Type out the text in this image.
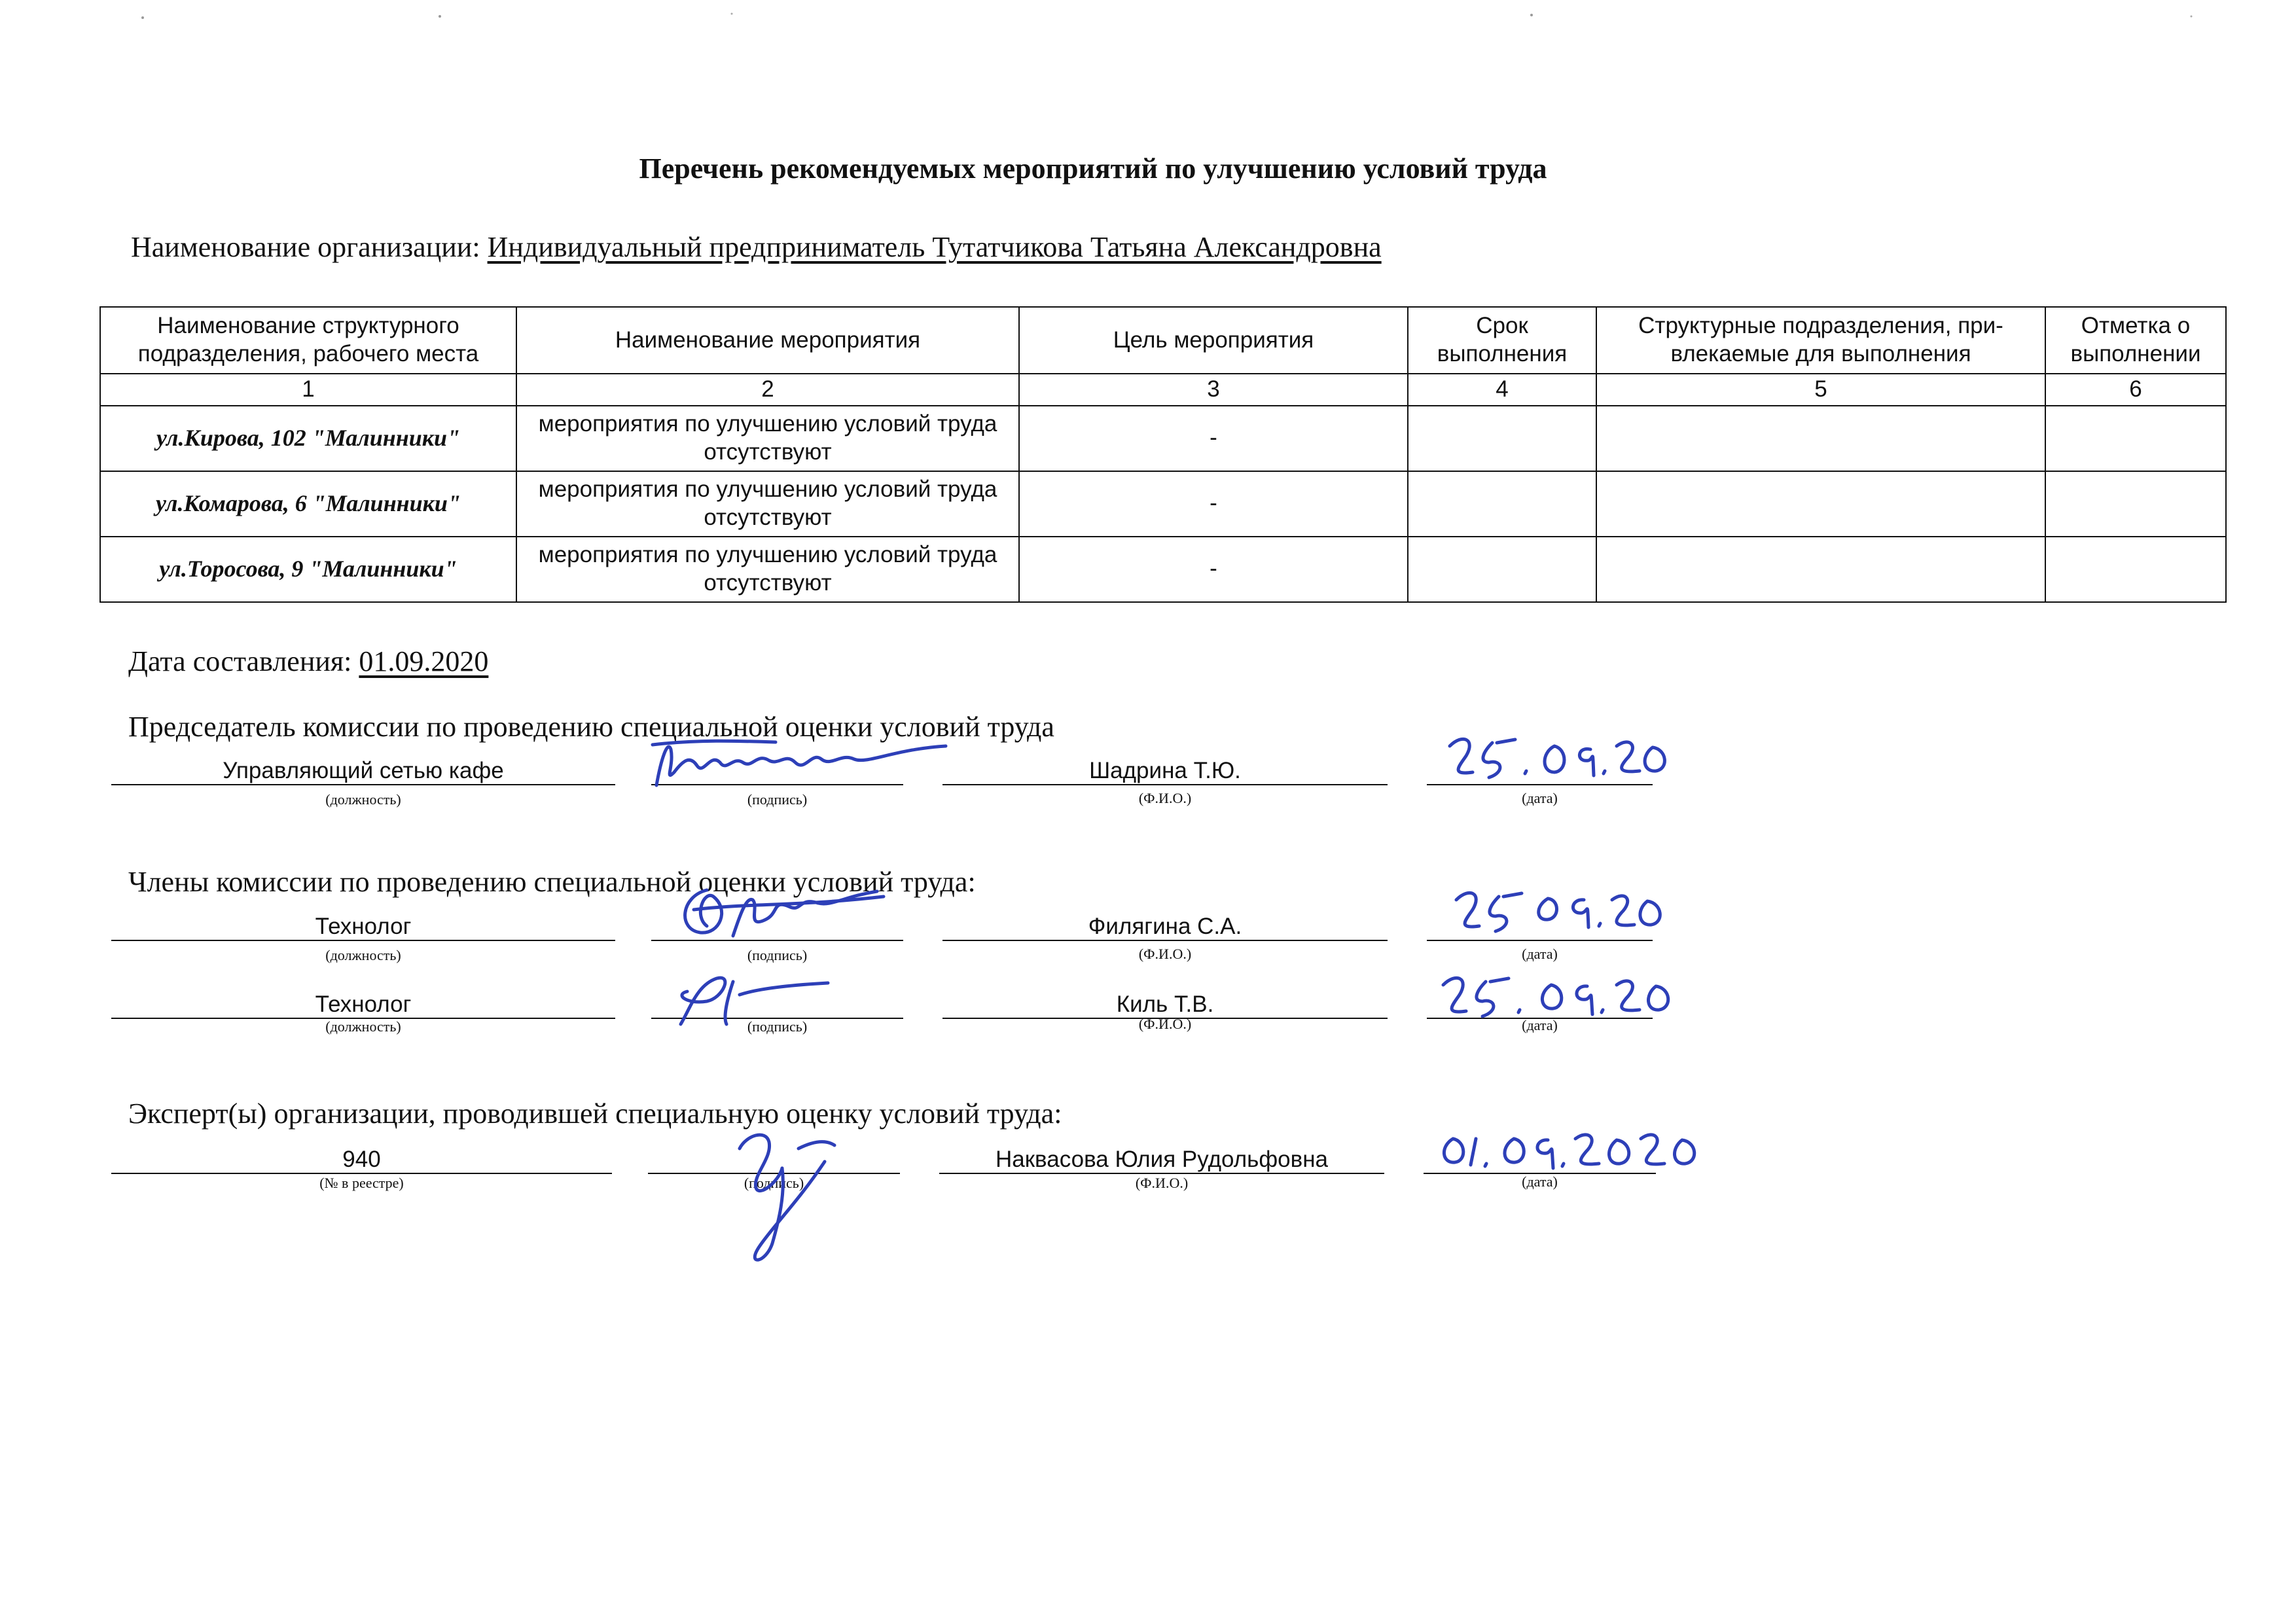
Перечень рекомендуемых мероприятий по улучшению условий труда
Наименование организации: Индивидуальный предприниматель Тутатчикова Татьяна Александровна
Наименование структурного подразделения, рабочего места	Наименование мероприятия	Цель мероприятия	Срок выполнения	Структурные подразделения, при-влекаемые для выполнения	Отметка о выполнении
1	2	3	4	5	6
ул.Кирова, 102 "Малинники"	мероприятия по улучшению условий труда отсутствуют	-			
ул.Комарова, 6 "Малинники"	мероприятия по улучшению условий труда отсутствуют	-			
ул.Торосова, 9 "Малинники"	мероприятия по улучшению условий труда отсутствуют	-			
Дата составления: 01.09.2020
Председатель комиссии по проведению специальной оценки условий труда
Управляющий сетью кафе	Шадрина Т.Ю.
(должность)	(подпись)	(Ф.И.О.)	(дата)
Члены комиссии по проведению специальной оценки условий труда:
Технолог	Филягина С.А.
(должность)	(подпись)	(Ф.И.О.)	(дата)
Технолог	Киль Т.В.
(должность)	(подпись)	(Ф.И.О.)	(дата)
Эксперт(ы) организации, проводившей специальную оценку условий труда:
940	Наквасова Юлия Рудольфовна
(№ в реестре)	(подпись)	(Ф.И.О.)	(дата)
